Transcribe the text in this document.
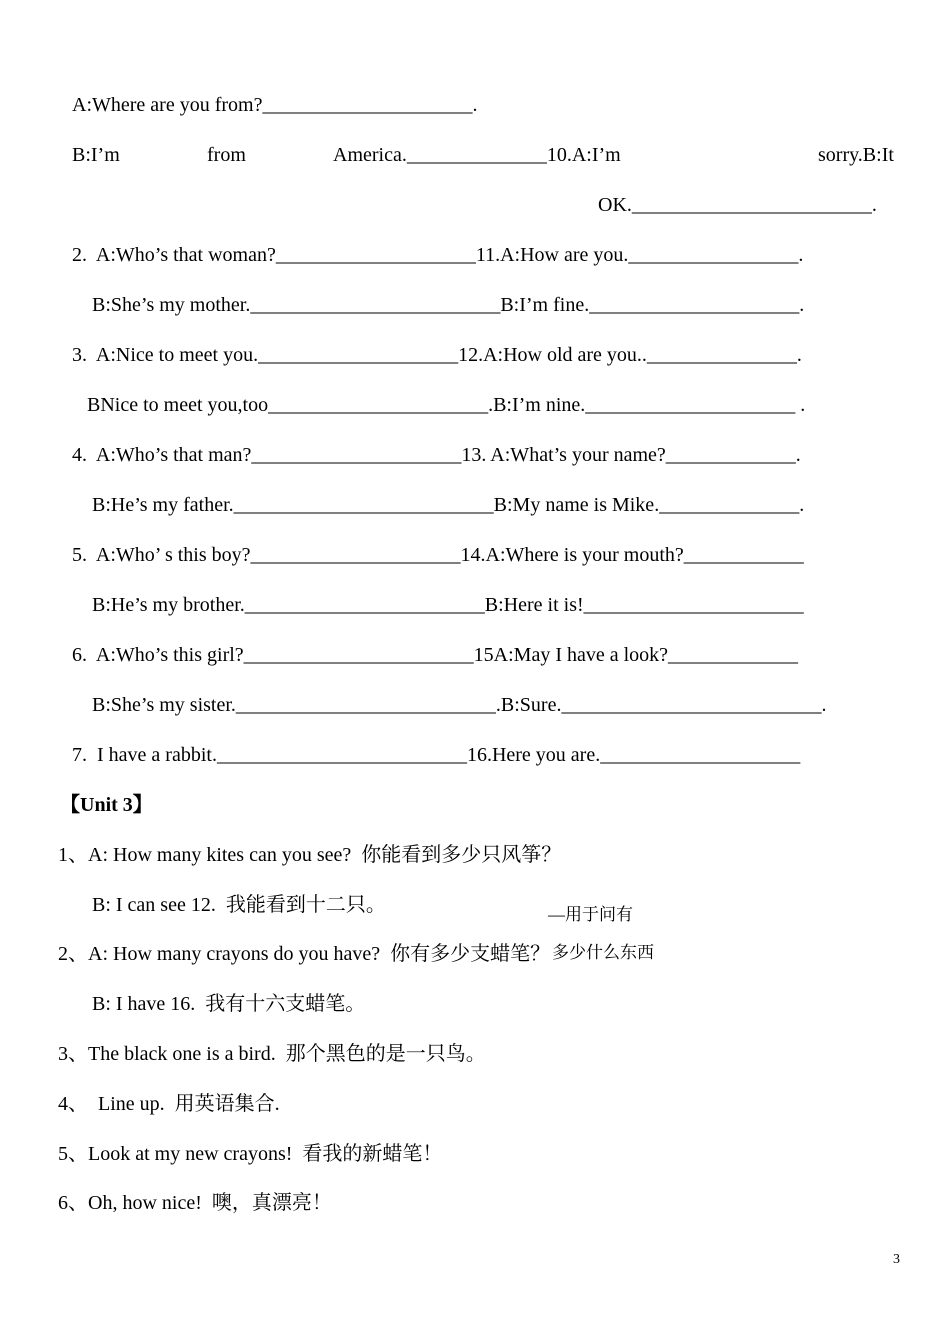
A:Where are you from?_____________________.
B:I’m	from	America.______________10.A:I’m	sorry.B:It
OK.________________________.
2.  A:Who’s that woman?____________________11.A:How are you._________________.
B:She’s my mother._________________________B:I’m fine._____________________.
3.  A:Nice to meet you.____________________12.A:How old are you.._______________.
BNice to meet you,too______________________.B:I’m nine._____________________ .
4.  A:Who’s that man?_____________________13. A:What’s your name?_____________.
B:He’s my father.__________________________B:My name is Mike.______________.
5.  A:Who’ s this boy?_____________________14.A:Where is your mouth?____________
B:He’s my brother.________________________B:Here it is!______________________
6.  A:Who’s this girl?_______________________15A:May I have a look?_____________
B:She’s my sister.__________________________.B:Sure.__________________________.
7.  I have a rabbit._________________________16.Here you are.____________________
【Unit 3】
1、A: How many kites can you see?  你能看到多少只风筝？
B: I can see 12.  我能看到十二只。	—用于问有
2、A: How many crayons do you have?  你有多少支蜡笔？ 多少什么东西
B: I have 16.  我有十六支蜡笔。
3、The black one is a bird.  那个黑色的是一只鸟。
4、  Line up.  用英语集合.
5、Look at my new crayons!  看我的新蜡笔！
6、Oh, how nice!  噢，真漂亮！
3
